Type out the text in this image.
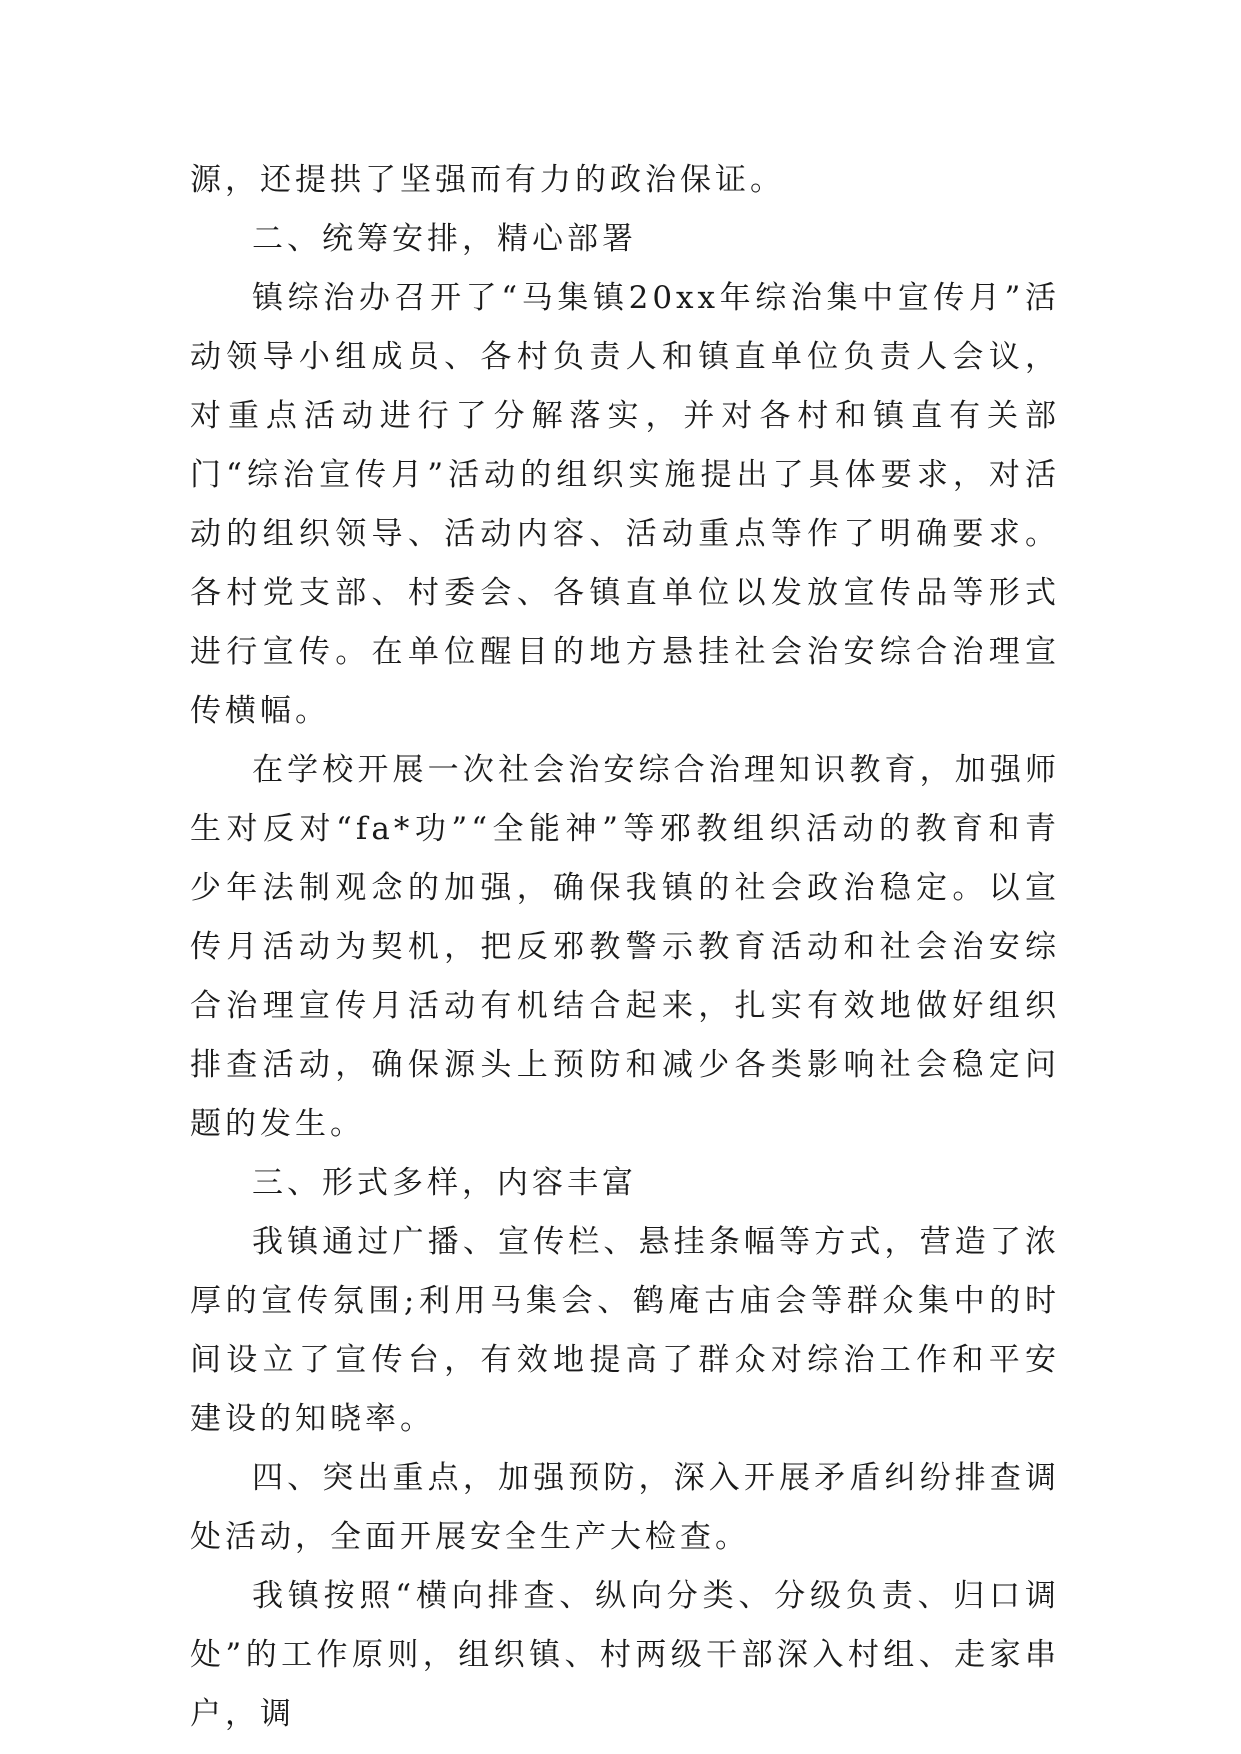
源，还提拱了坚强而有力的政治保证。

二、统筹安排，精心部署

镇综治办召开了“马集镇20xx年综治集中宣传月”活动领导小组成员、各村负责人和镇直单位负责人会议，对重点活动进行了分解落实，并对各村和镇直有关部门“综治宣传月”活动的组织实施提出了具体要求，对活动的组织领导、活动内容、活动重点等作了明确要求。各村党支部、村委会、各镇直单位以发放宣传品等形式进行宣传。在单位醒目的地方悬挂社会治安综合治理宣传横幅。

在学校开展一次社会治安综合治理知识教育，加强师生对反对“fa*功”“全能神”等邪教组织活动的教育和青少年法制观念的加强，确保我镇的社会政治稳定。以宣传月活动为契机，把反邪教警示教育活动和社会治安综合治理宣传月活动有机结合起来，扎实有效地做好组织排查活动，确保源头上预防和减少各类影响社会稳定问题的发生。

三、形式多样，内容丰富

我镇通过广播、宣传栏、悬挂条幅等方式，营造了浓厚的宣传氛围;利用马集会、鹤庵古庙会等群众集中的时间设立了宣传台，有效地提高了群众对综治工作和平安建设的知晓率。

四、突出重点，加强预防，深入开展矛盾纠纷排查调处活动，全面开展安全生产大检查。

我镇按照“横向排查、纵向分类、分级负责、归口调处”的工作原则，组织镇、村两级干部深入村组、走家串户，调
